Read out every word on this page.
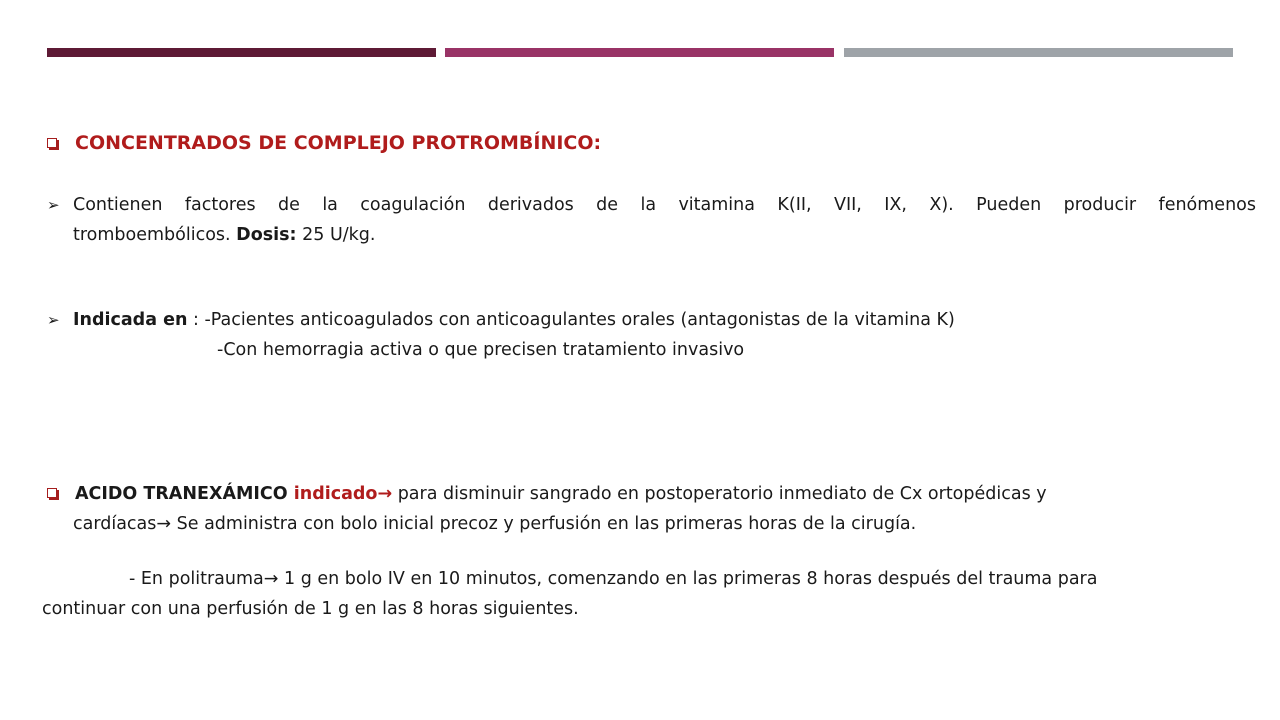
CONCENTRADOS DE COMPLEJO PROTROMBÍNICO:
➢ Contienen factores de la coagulación derivados de la vitamina K(II, VII, IX, X). Pueden producir fenómenos
tromboembólicos. Dosis: 25 U/kg.
➢ Indicada en : -Pacientes anticoagulados con anticoagulantes orales (antagonistas de la vitamina K)
-Con hemorragia activa o que precisen tratamiento invasivo
ACIDO TRANEXÁMICO indicado→ para disminuir sangrado en postoperatorio inmediato de Cx ortopédicas y
cardíacas→ Se administra con bolo inicial precoz y perfusión en las primeras horas de la cirugía.
- En politrauma→ 1 g en bolo IV en 10 minutos, comenzando en las primeras 8 horas después del trauma para
continuar con una perfusión de 1 g en las 8 horas siguientes.
